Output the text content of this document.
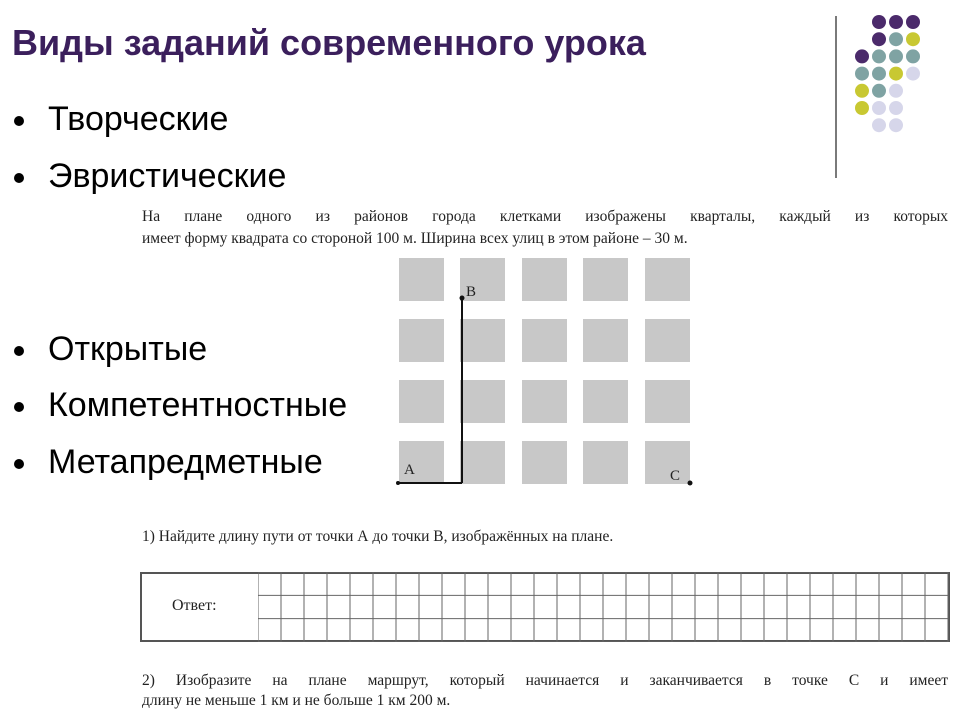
Виды заданий современного урока
Творческие
Эвристические
Открытые
Компетентностные
Метапредметные
На плане одного из районов города клетками изображены кварталы, каждый из которых
имеет форму квадрата со стороной 100 м. Ширина всех улиц в этом районе – 30 м.
B
A	C
1) Найдите длину пути от точки А до точки В, изображённых на плане.
Ответ:
2) Изобразите на плане маршрут, который начинается и заканчивается в точке С и имеет
длину не меньше 1 км и не больше 1 км 200 м.
